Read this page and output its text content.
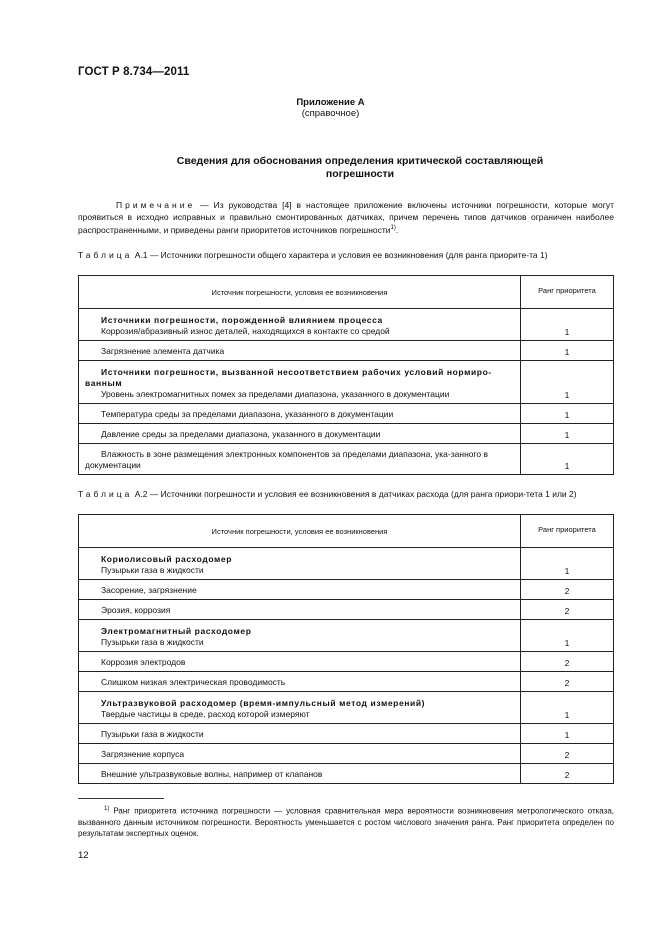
ГОСТ Р 8.734—2011
Приложение А
(справочное)
Сведения для обоснования определения критической составляющей
погрешности
Примечание — Из руководства [4] в настоящее приложение включены источники погрешности, которые могут проявиться в исходно исправных и правильно смонтированных датчиках, причем перечень типов датчиков ограничен наиболее распространенными, и приведены ранги приоритетов источников погрешности$^{1)}$.
Таблица А.1 — Источники погрешности общего характера и условия ее возникновения (для ранга приорите-та 1)
Источник погрешности, условия ее возникновения	Ранг приоритета

Источники погрешности, порожденной влиянием процесса
Коррозия/абразивный износ деталей, находящихся в контакте со средой	1
Загрязнение элемента датчика	1

Источники погрешности, вызванной несоответствием рабочих условий нормиро-ванным
Уровень электромагнитных помех за пределами диапазона, указанного в документации	1
Температура среды за пределами диапазона, указанного в документации	1
Давление среды за пределами диапазона, указанного в документации	1

Влажность в зоне размещения электронных компонентов за пределами диапазона, ука-занного в документации	1
Таблица А.2 — Источники погрешности и условия ее возникновения в датчиках расхода (для ранга приори-тета 1 или 2)
Источник погрешности, условия ее возникновения	Ранг приоритета

Кориолисовый расходомер
Пузырьки газа в жидкости	1
Засорение, загрязнение	2
Эрозия, коррозия	2

Электромагнитный расходомер
Пузырьки газа в жидкости	1
Коррозия электродов	2
Слишком низкая электрическая проводимость	2

Ультразвуковой расходомер (время-импульсный метод измерений)
Твердые частицы в среде, расход которой измеряют	1
Пузырьки газа в жидкости	1
Загрязнение корпуса	2
Внешние ультразвуковые волны, например от клапанов	2
$^{1)}$ Ранг приоритета источника погрешности — условная сравнительная мера вероятности возникновения метрологического отказа, вызванного данным источником погрешности. Вероятность уменьшается с ростом числового значения ранга. Ранг приоритета определен по результатам экспертных оценок.
12
